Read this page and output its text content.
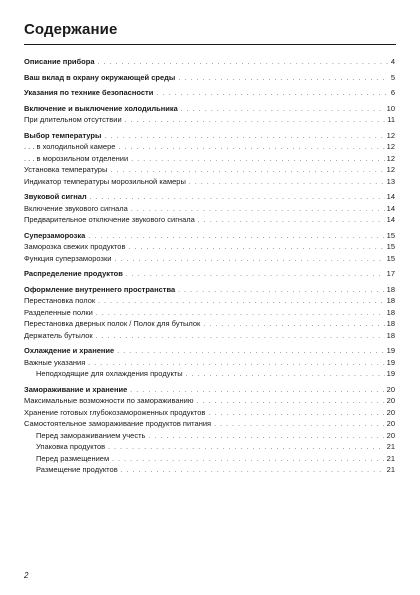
Содержание
Описание прибора . . .	4
Ваш вклад в охрану окружающей среды . . .	5
Указания по технике безопасности . . .	6
Включение и выключение холодильника . . .	10
При длительном отсутствии . . .	11
Выбор температуры . . .	12
. . . в холодильной камере . . .	12
. . . в морозильном отделении . . .	12
Установка температуры . . .	12
Индикатор температуры морозильной камеры . . .	13
Звуковой сигнал . . .	14
Включение звукового сигнала . . .	14
Предварительное отключение звукового сигнала . . .	14
Суперзаморозка . . .	15
Заморозка свежих продуктов . . .	15
Функция суперзаморозки . . .	15
Распределение продуктов . . .	17
Оформление внутреннего пространства . . .	18
Перестановка полок . . .	18
Разделенные полки . . .	18
Перестановка дверных полок / Полок для бутылок . . .	18
Держатель бутылок . . .	18
Охлаждение и хранение . . .	19
Важные указания . . .	19
Неподходящие для охлаждения продукты . . .	19
Замораживание и хранение . . .	20
Максимальные возможности по замораживанию . . .	20
Хранение готовых глубокозамороженных продуктов . . .	20
Самостоятельное замораживание продуктов питания . . .	20
Перед замораживанием учесть . . .	20
Упаковка продуктов . . .	21
Перед размещением . . .	21
Размещение продуктов . . .	21
2
